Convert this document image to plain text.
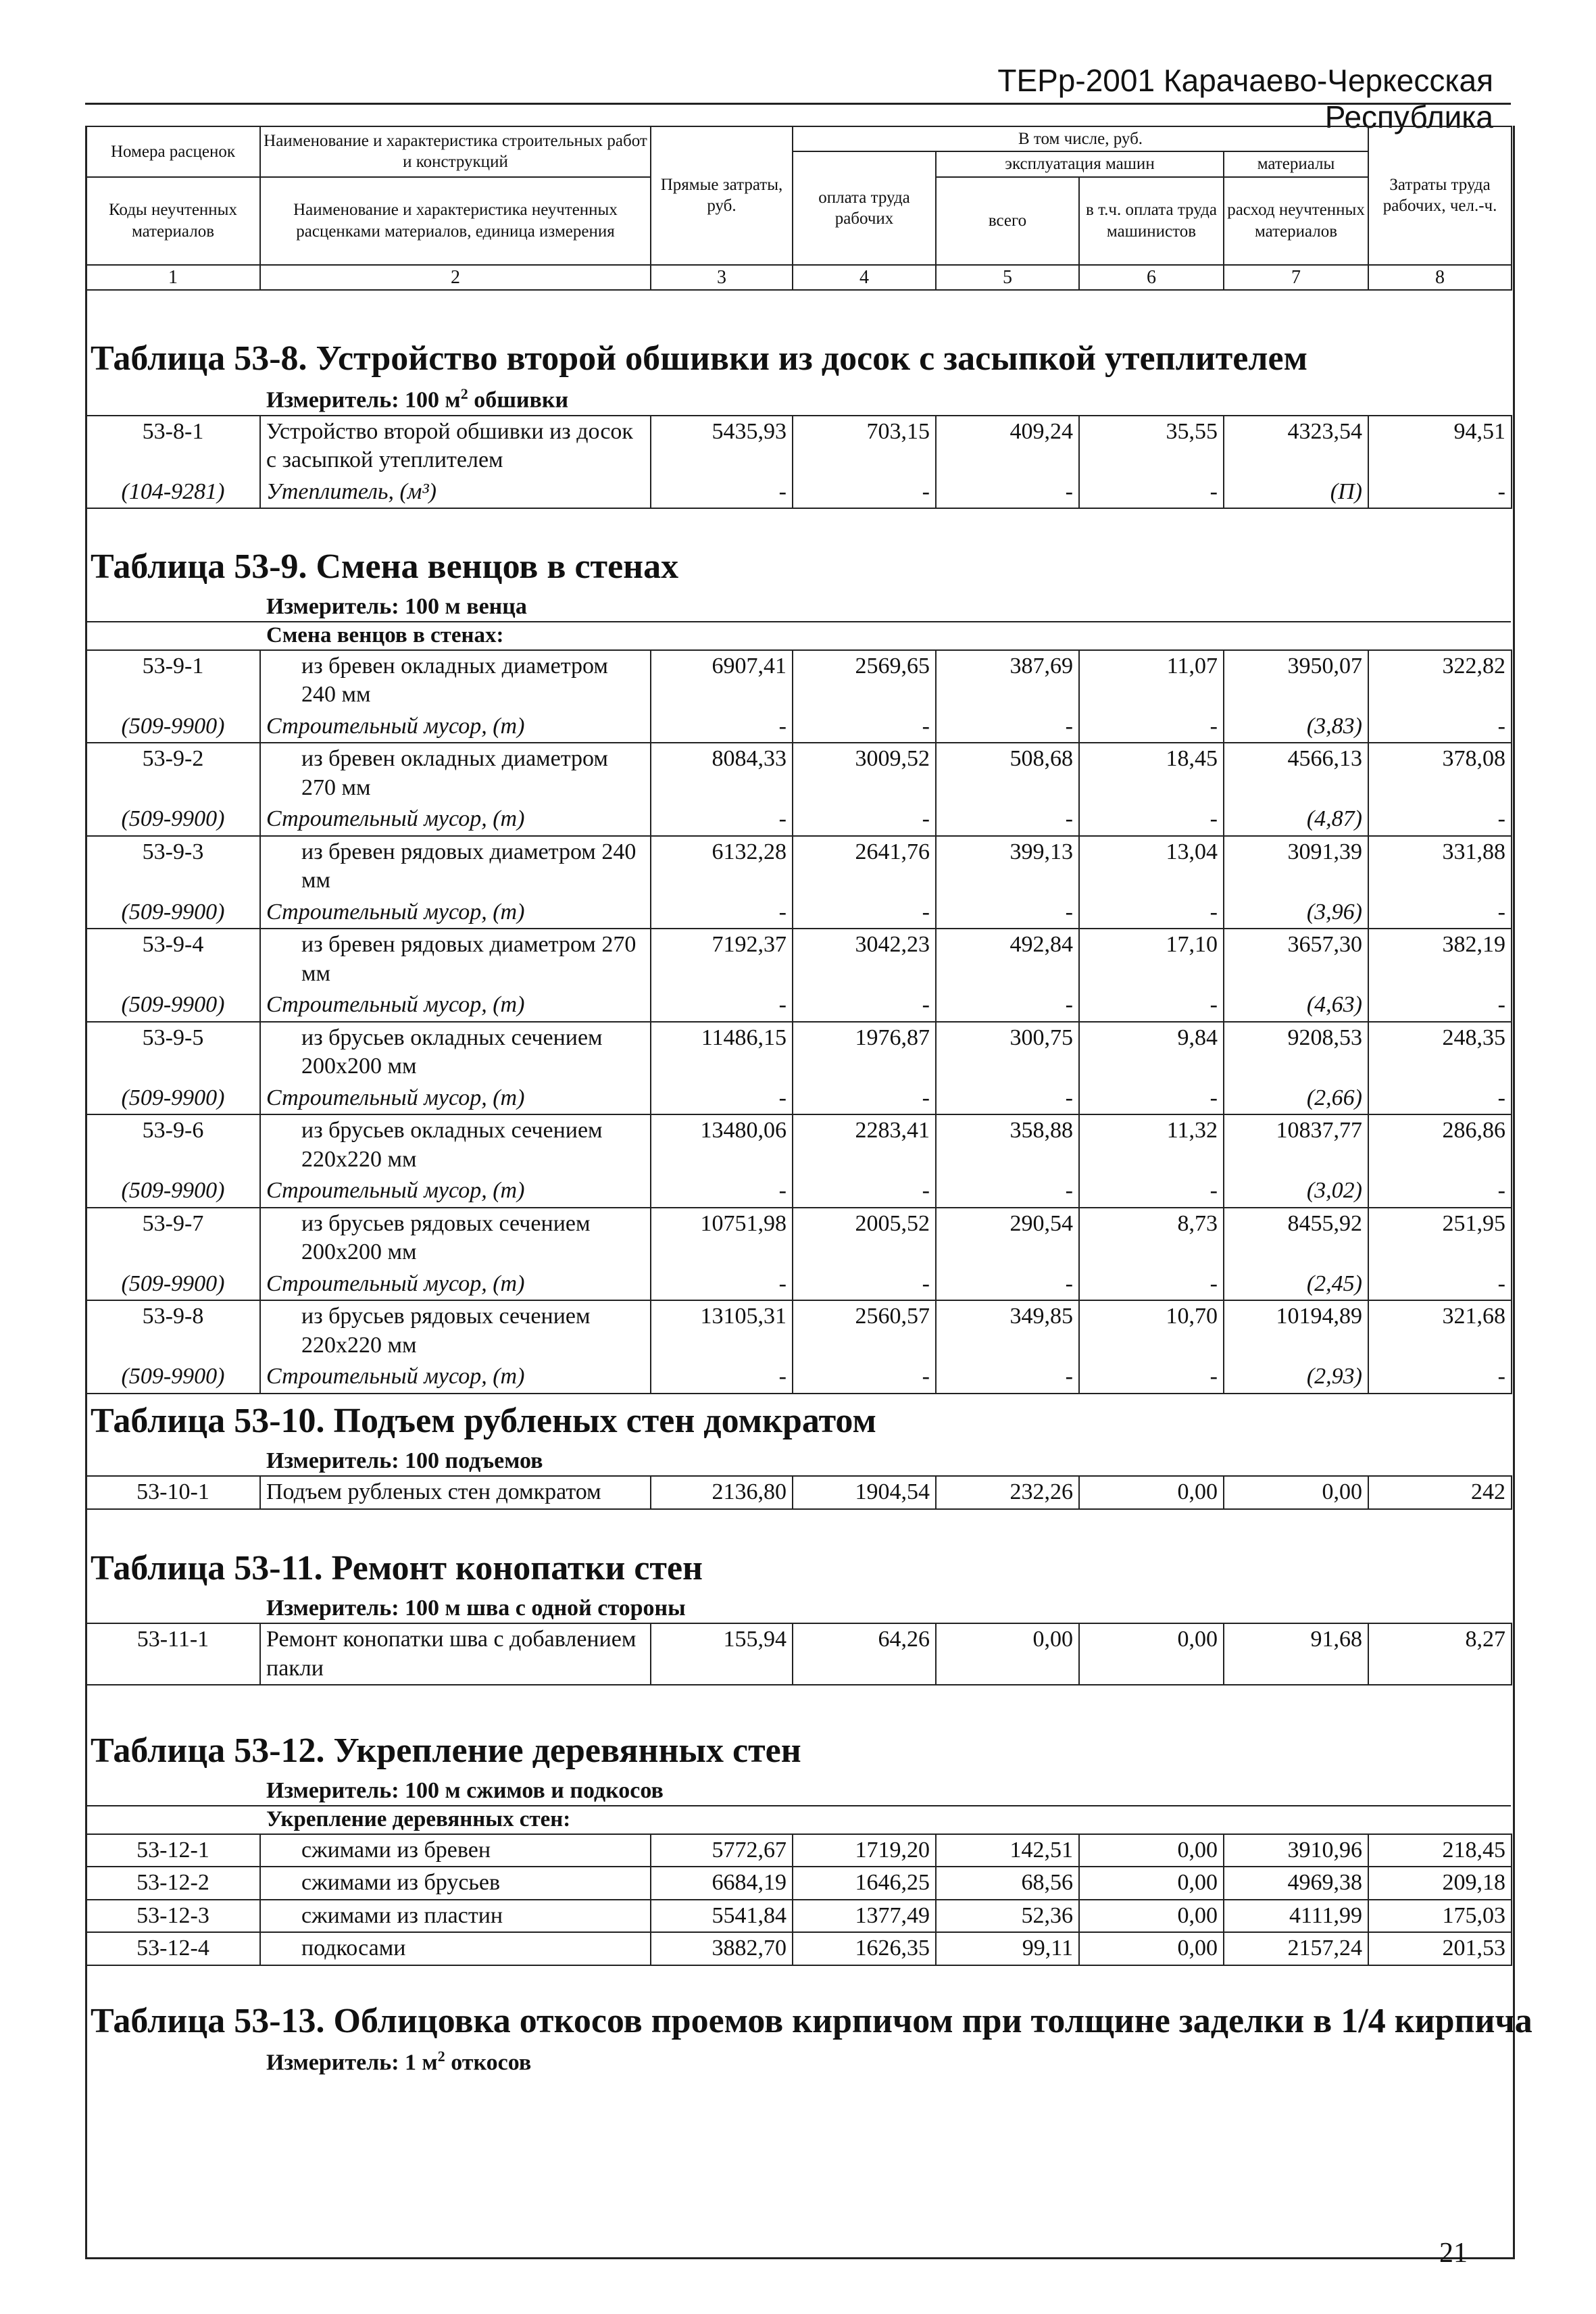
ТЕРр-2001 Карачаево-Черкесская Республика
Номера расценок	Наименование и характеристика строительных работ и конструкций	Прямые затраты, руб.	В том числе, руб.				Затраты труда рабочих, чел.-ч.
			оплата труда рабочих	эксплуатация машин		материалы	
Коды неучтенных материалов	Наименование и характеристика неучтенных расценками материалов, единица измерения			всего	в т.ч. оплата труда машинистов	расход неучтенных материалов	

1	2	3	4	5	6	7	8
Таблица 53-8. Устройство второй обшивки из досок с засыпкой утеплителем
Измеритель: 100 $м^2$ обшивки
53-8-1	Устройство второй обшивки из досок с засыпкой утеплителем	5435,93	703,15	409,24	35,55	4323,54	94,51
(104-9281)	Утеплитель, (м³)	-	-	-	-	(П)	-
Таблица 53-9. Смена венцов в стенах
Измеритель: 100 м венца
Смена венцов в стенах:
53-9-1	из бревен окладных диаметром 240 мм	6907,41	2569,65	387,69	11,07	3950,07	322,82
(509-9900)	Строительный мусор, (т)	-	-	-	-	(3,83)	-
53-9-2	из бревен окладных диаметром 270 мм	8084,33	3009,52	508,68	18,45	4566,13	378,08
(509-9900)	Строительный мусор, (т)	-	-	-	-	(4,87)	-
53-9-3	из бревен рядовых диаметром 240 мм	6132,28	2641,76	399,13	13,04	3091,39	331,88
(509-9900)	Строительный мусор, (т)	-	-	-	-	(3,96)	-
53-9-4	из бревен рядовых диаметром 270 мм	7192,37	3042,23	492,84	17,10	3657,30	382,19
(509-9900)	Строительный мусор, (т)	-	-	-	-	(4,63)	-
53-9-5	из брусьев окладных сечением 200x200 мм	11486,15	1976,87	300,75	9,84	9208,53	248,35
(509-9900)	Строительный мусор, (т)	-	-	-	-	(2,66)	-
53-9-6	из брусьев окладных сечением 220x220 мм	13480,06	2283,41	358,88	11,32	10837,77	286,86
(509-9900)	Строительный мусор, (т)	-	-	-	-	(3,02)	-
53-9-7	из брусьев рядовых сечением 200x200 мм	10751,98	2005,52	290,54	8,73	8455,92	251,95
(509-9900)	Строительный мусор, (т)	-	-	-	-	(2,45)	-
53-9-8	из брусьев рядовых сечением 220x220 мм	13105,31	2560,57	349,85	10,70	10194,89	321,68
(509-9900)	Строительный мусор, (т)	-	-	-	-	(2,93)	-
Таблица 53-10. Подъем рубленых стен домкратом
Измеритель: 100 подъемов
53-10-1	Подъем рубленых стен домкратом	2136,80	1904,54	232,26	0,00	0,00	242
Таблица 53-11. Ремонт конопатки стен
Измеритель: 100 м шва с одной стороны
53-11-1	Ремонт конопатки шва с добавлением пакли	155,94	64,26	0,00	0,00	91,68	8,27
Таблица 53-12. Укрепление деревянных стен
Измеритель: 100 м сжимов и подкосов
Укрепление деревянных стен:
53-12-1	сжимами из бревен	5772,67	1719,20	142,51	0,00	3910,96	218,45
53-12-2	сжимами из брусьев	6684,19	1646,25	68,56	0,00	4969,38	209,18
53-12-3	сжимами из пластин	5541,84	1377,49	52,36	0,00	4111,99	175,03
53-12-4	подкосами	3882,70	1626,35	99,11	0,00	2157,24	201,53
Таблица 53-13. Облицовка откосов проемов кирпичом при толщине заделки в 1/4 кирпича
Измеритель: 1 $м^2$ откосов
21
